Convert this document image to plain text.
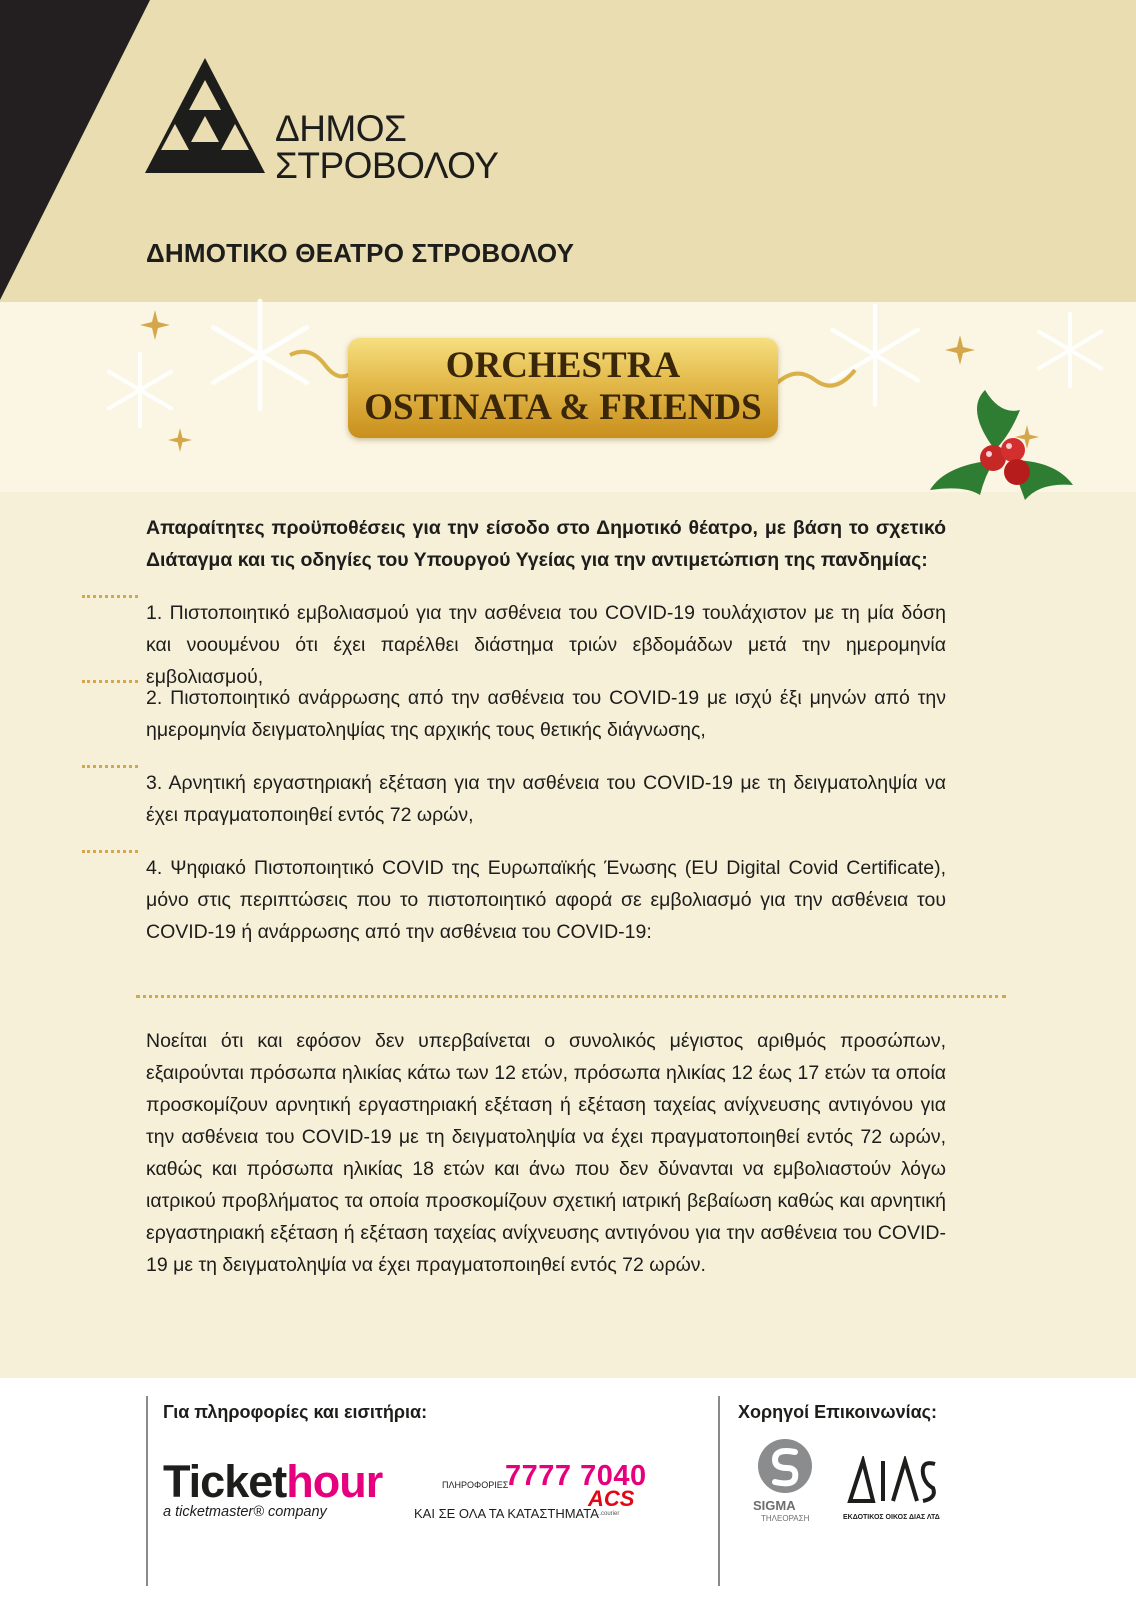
ΔΗΜΟΣ
ΣΤΡΟΒΟΛΟΥ
ΔΗΜΟΤΙΚΟ ΘΕΑΤΡΟ ΣΤΡΟΒΟΛΟΥ
ORCHESTRA
OSTINATA & FRIENDS
Απαραίτητες προϋποθέσεις για την είσοδο στο Δημοτικό θέατρο, με βάση το σχετικό Διάταγμα και τις οδηγίες του Υπουργού Υγείας για την αντιμετώπιση της πανδημίας:
1. Πιστοποιητικό εμβολιασμού για την ασθένεια του COVID-19 τουλάχιστον με τη μία δόση και νοουμένου ότι έχει παρέλθει διάστημα τριών εβδομάδων μετά την ημερομηνία εμβολιασμού,
2. Πιστοποιητικό ανάρρωσης από την ασθένεια του COVID-19 με ισχύ έξι μηνών από την ημερομηνία δειγματοληψίας της αρχικής τους θετικής διάγνωσης,
3. Αρνητική εργαστηριακή εξέταση για την ασθένεια του COVID-19 με τη δειγματοληψία να έχει πραγματοποιηθεί εντός 72 ωρών,
4. Ψηφιακό Πιστοποιητικό COVID της Ευρωπαϊκής Ένωσης (EU Digital Covid Certificate), μόνο στις περιπτώσεις που το πιστοποιητικό αφορά σε εμβολιασμό για την ασθένεια του COVID-19 ή ανάρρωσης από την ασθένεια του COVID-19:
Νοείται ότι και εφόσον δεν υπερβαίνεται ο συνολικός μέγιστος αριθμός προσώπων, εξαιρούνται πρόσωπα ηλικίας κάτω των 12 ετών, πρόσωπα ηλικίας 12 έως 17 ετών τα οποία προσκομίζουν αρνητική εργαστηριακή εξέταση ή εξέταση ταχείας ανίχνευσης αντιγόνου για την ασθένεια του COVID-19 με τη δειγματοληψία να έχει πραγματοποιηθεί εντός 72 ωρών, καθώς και πρόσωπα ηλικίας 18 ετών και άνω που δεν δύνανται να εμβολιαστούν λόγω ιατρικού προβλήματος τα οποία προσκομίζουν σχετική ιατρική βεβαίωση καθώς και αρνητική εργαστηριακή εξέταση ή εξέταση ταχείας ανίχνευσης αντιγόνου για την ασθένεια του COVID-19 με τη δειγματοληψία να έχει πραγματοποιηθεί εντός 72 ωρών.
Για πληροφορίες και εισιτήρια:	Χορηγοί Επικοινωνίας:
Tickethour
a ticketmaster® company
ΠΛΗΡΟΦΟΡΙΕΣ
7777 7040
ΚΑΙ ΣΕ ΟΛΑ ΤΑ ΚΑΤΑΣΤΗΜΑΤΑ
ACS
...courier
SIGMA
ΤΗΛΕΟΡΑΣΗ	ΕΚΔΟΤΙΚΟΣ ΟΙΚΟΣ ΔΙΑΣ ΛΤΔ
